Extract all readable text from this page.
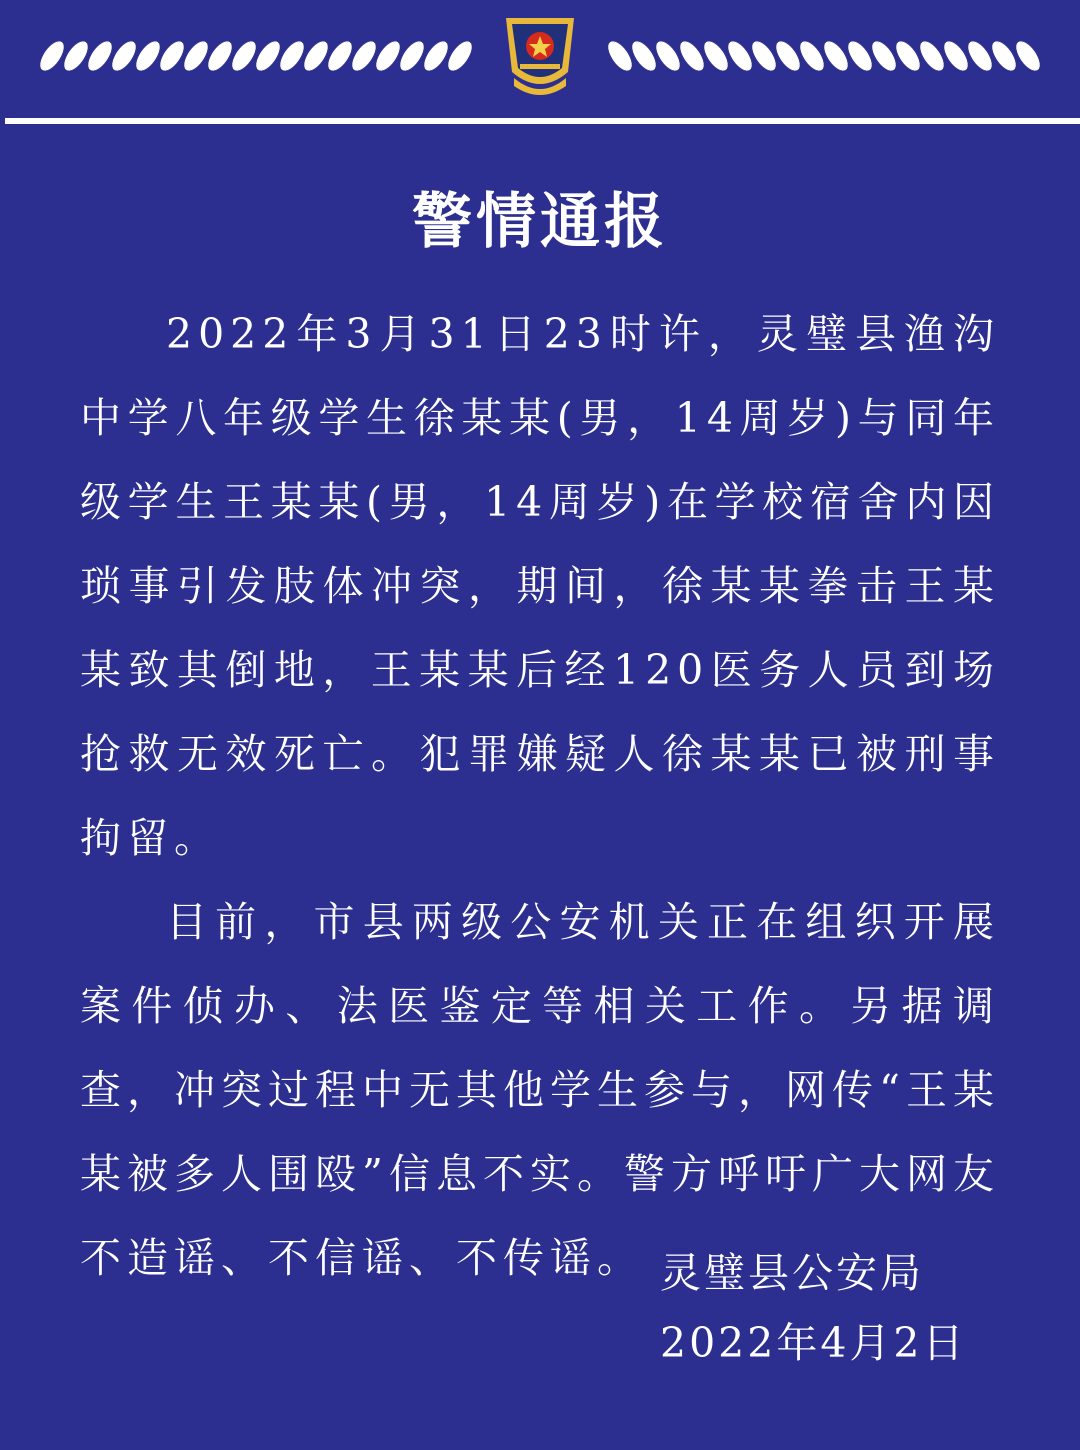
警情通报

2022年3月31日23时许，灵璧县渔沟中学八年级学生徐某某(男，14周岁)与同年级学生王某某(男，14周岁)在学校宿舍内因琐事引发肢体冲突，期间，徐某某拳击王某某致其倒地，王某某后经120医务人员到场抢救无效死亡。犯罪嫌疑人徐某某已被刑事拘留。

目前，市县两级公安机关正在组织开展案件侦办、法医鉴定等相关工作。另据调查，冲突过程中无其他学生参与，网传“王某某被多人围殴”信息不实。警方呼吁广大网友不造谣、不信谣、不传谣。 灵璧县公安局
2022年4月2日
